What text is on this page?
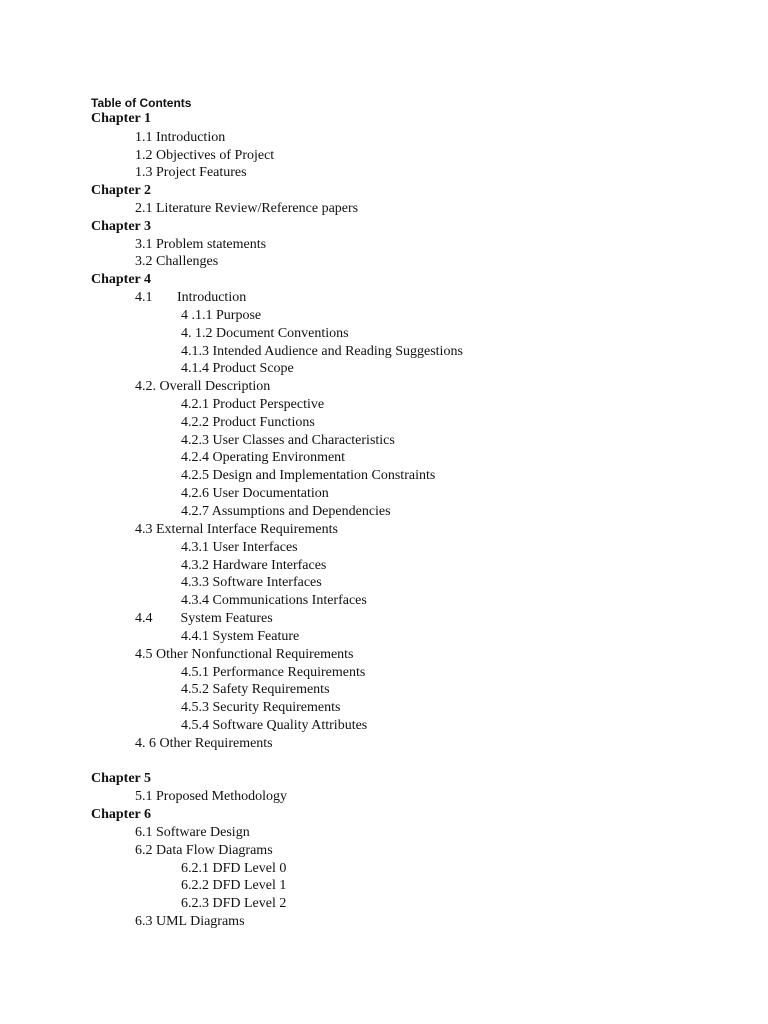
Table of Contents
Chapter 1
1.1 Introduction
1.2 Objectives of Project
1.3 Project Features
Chapter 2
2.1 Literature Review/Reference papers
Chapter 3
3.1 Problem statements
3.2 Challenges
Chapter 4
4.1       Introduction
4 .1.1 Purpose
4. 1.2 Document Conventions
4.1.3 Intended Audience and Reading Suggestions
4.1.4 Product Scope
4.2. Overall Description
4.2.1 Product Perspective
4.2.2 Product Functions
4.2.3 User Classes and Characteristics
4.2.4 Operating Environment
4.2.5 Design and Implementation Constraints
4.2.6 User Documentation
4.2.7 Assumptions and Dependencies
4.3 External Interface Requirements
4.3.1 User Interfaces
4.3.2 Hardware Interfaces
4.3.3 Software Interfaces
4.3.4 Communications Interfaces
4.4        System Features
4.4.1 System Feature
4.5 Other Nonfunctional Requirements
4.5.1 Performance Requirements
4.5.2 Safety Requirements
4.5.3 Security Requirements
4.5.4 Software Quality Attributes
4. 6 Other Requirements
Chapter 5
5.1 Proposed Methodology
Chapter 6
6.1 Software Design
6.2 Data Flow Diagrams
6.2.1 DFD Level 0
6.2.2 DFD Level 1
6.2.3 DFD Level 2
6.3 UML Diagrams
